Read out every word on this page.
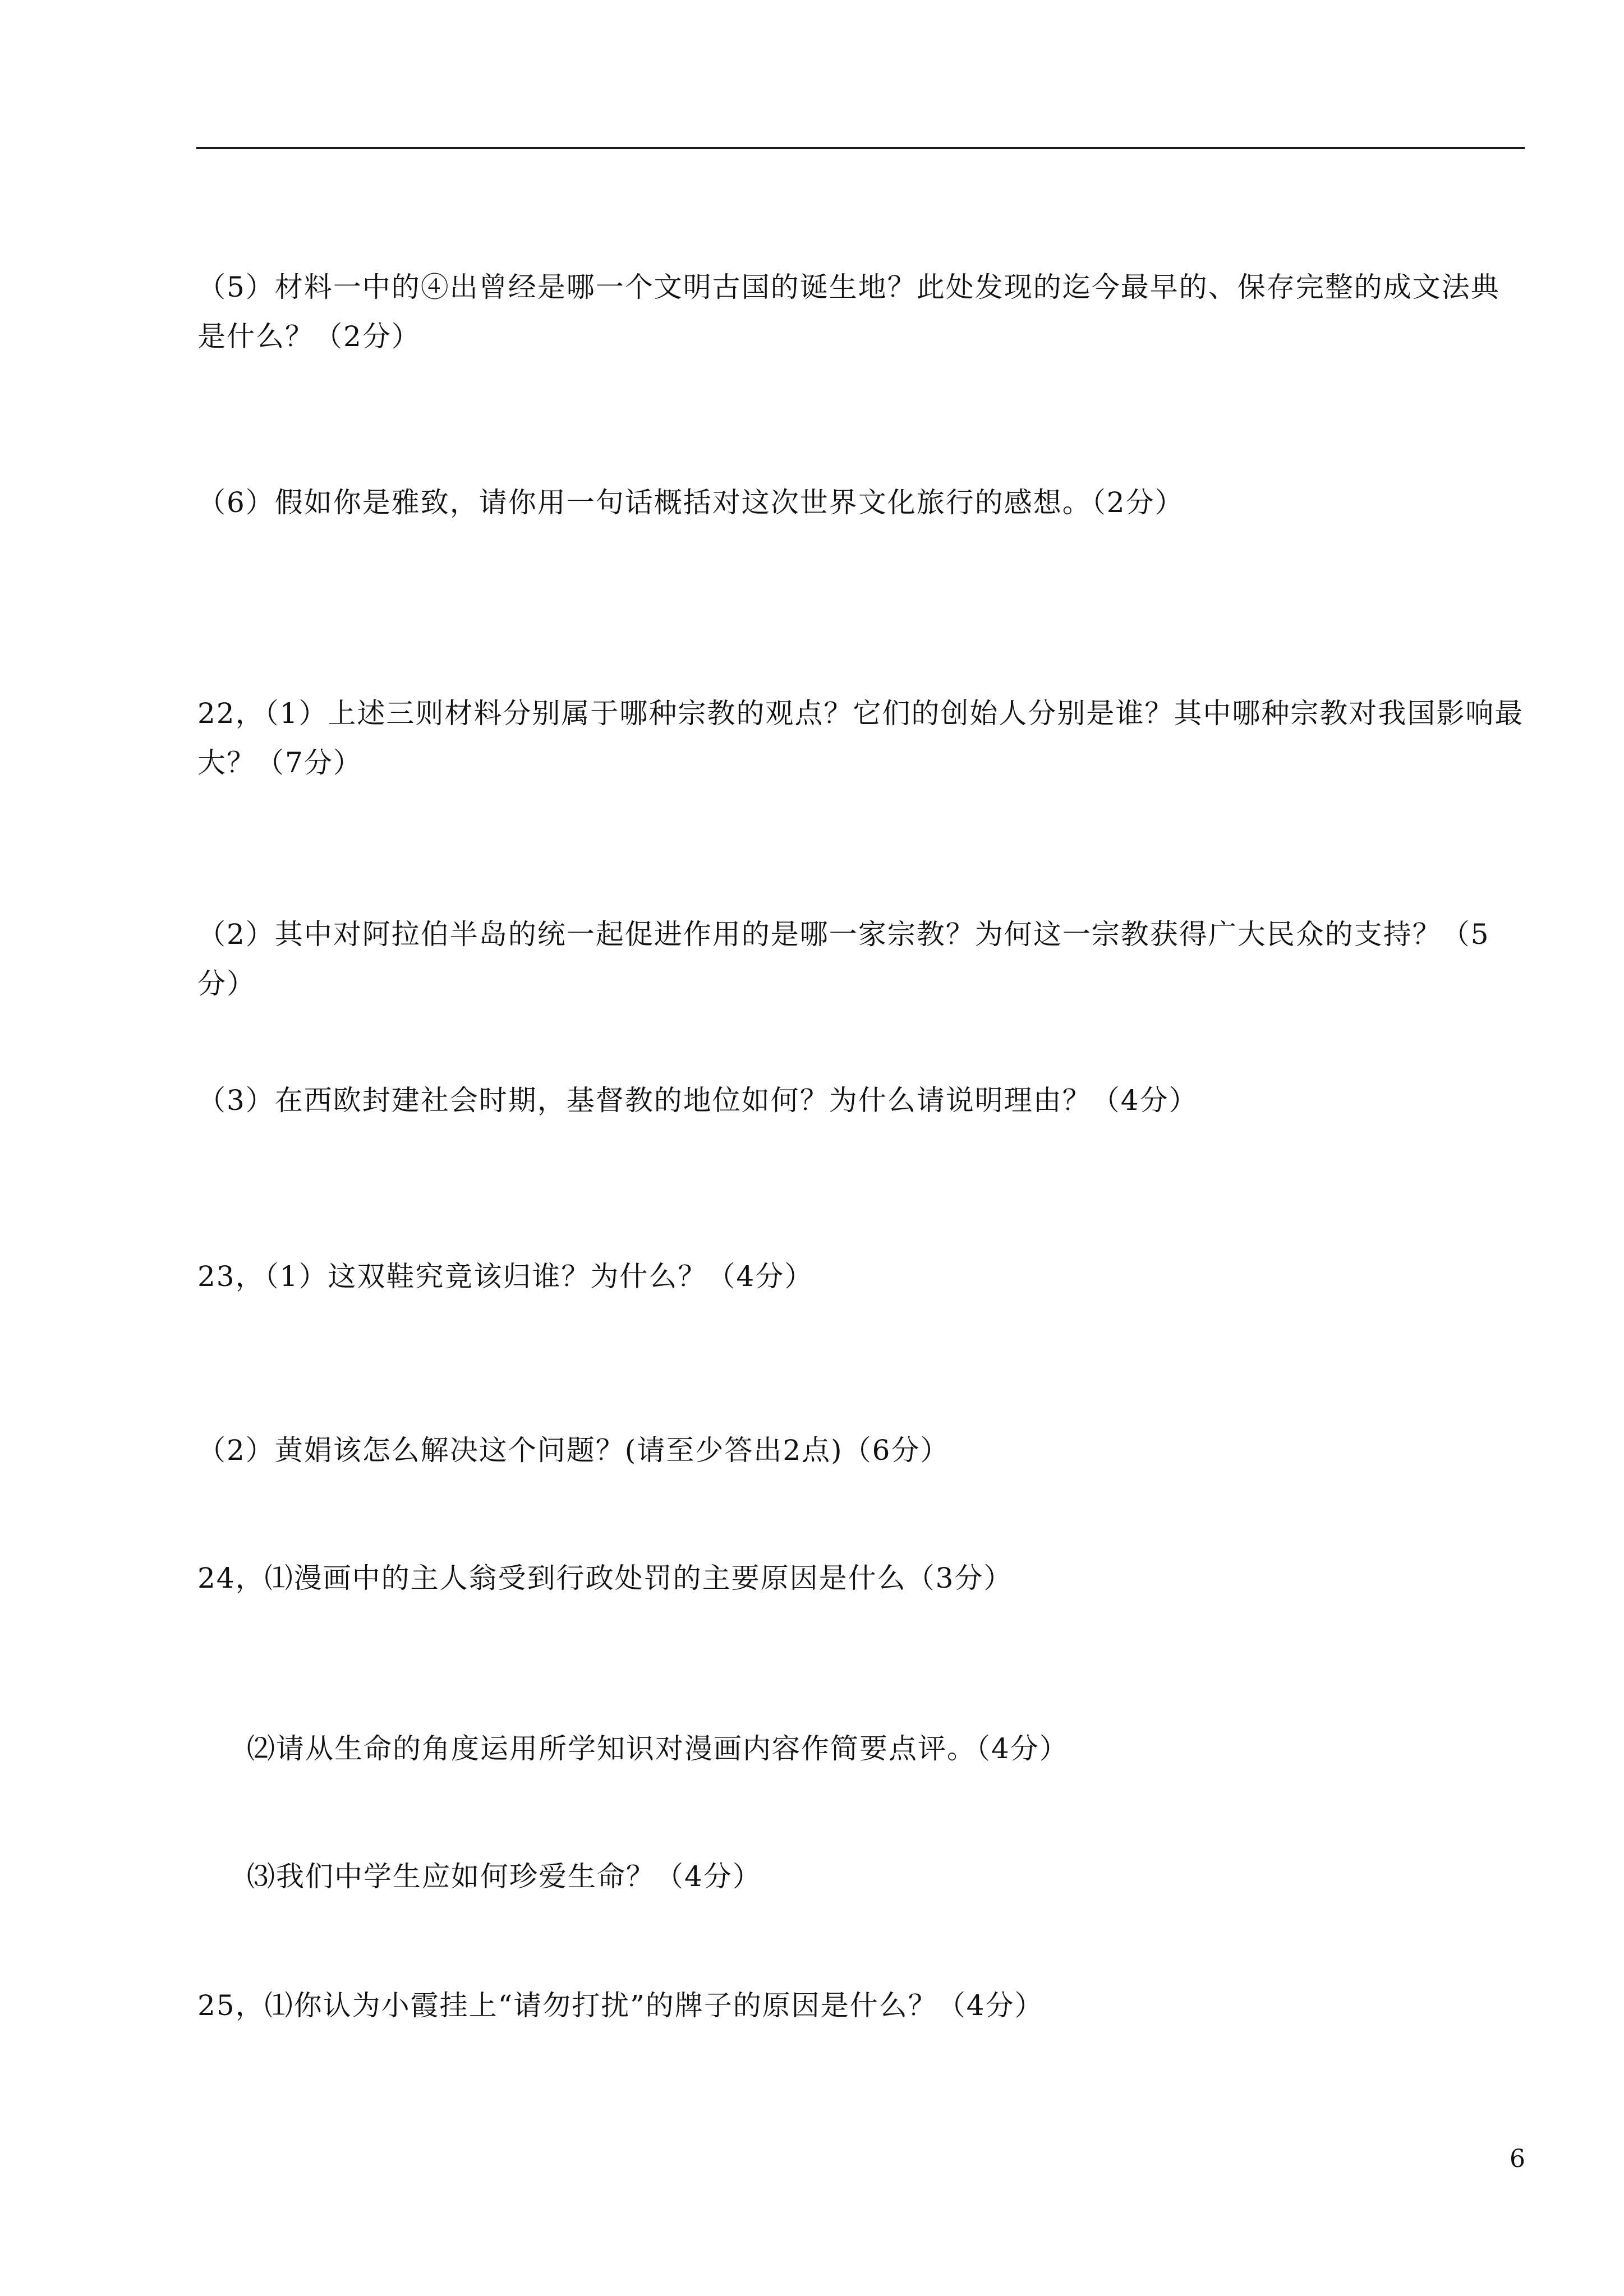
（5）材料一中的④出曾经是哪一个文明古国的诞生地？此处发现的迄今最早的、保存完整的成文法典是什么？（2分）
（6）假如你是雅致，请你用一句话概括对这次世界文化旅行的感想。（2分）
22，（1）上述三则材料分别属于哪种宗教的观点？它们的创始人分别是谁？其中哪种宗教对我国影响最大？（7分）
（2）其中对阿拉伯半岛的统一起促进作用的是哪一家宗教？为何这一宗教获得广大民众的支持？（5分）
（3）在西欧封建社会时期，基督教的地位如何？为什么请说明理由？（4分）
23，（1）这双鞋究竟该归谁？为什么？（4分）
（2）黄娟该怎么解决这个问题？(请至少答出2点)（6分）
24，⑴漫画中的主人翁受到行政处罚的主要原因是什么（3分）
⑵请从生命的角度运用所学知识对漫画内容作简要点评。（4分）
⑶我们中学生应如何珍爱生命？（4分）
25，⑴你认为小霞挂上“请勿打扰”的牌子的原因是什么？（4分）
6
